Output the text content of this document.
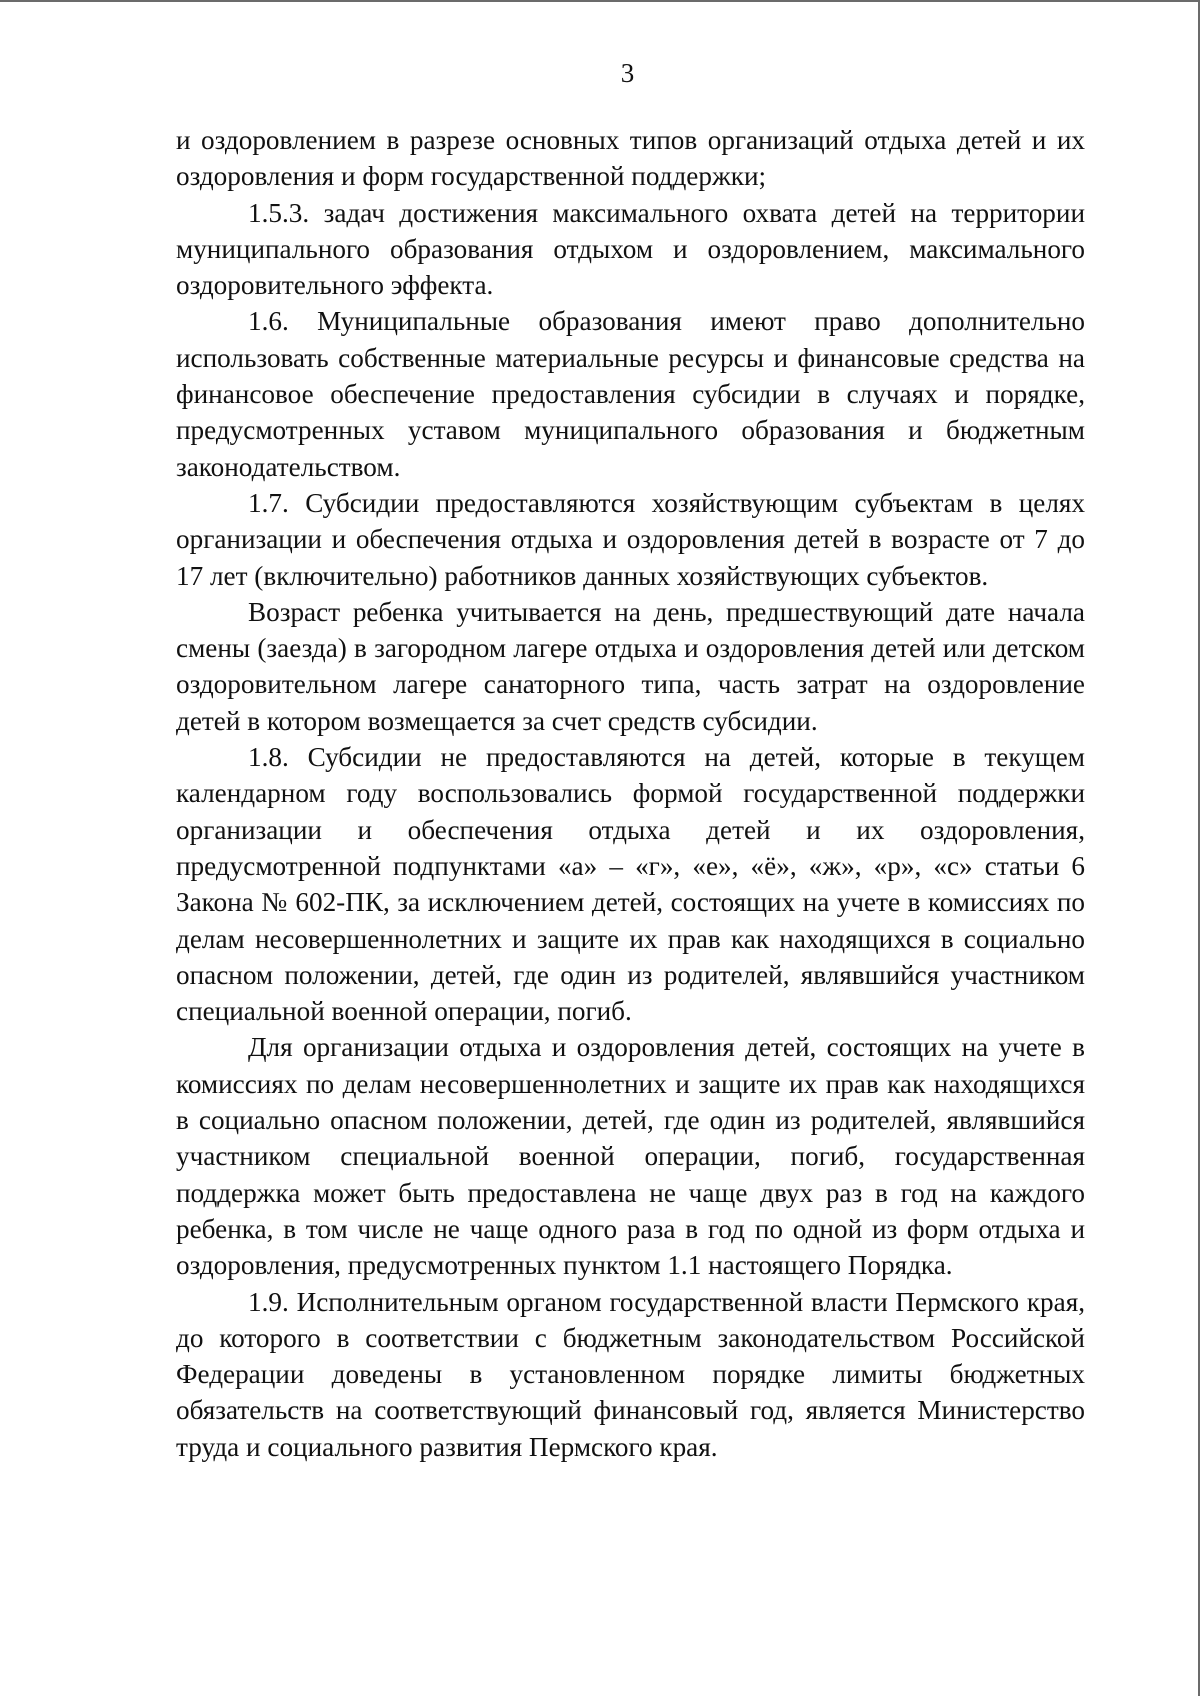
3

и оздоровлением в разрезе основных типов организаций отдыха детей и их оздоровления и форм государственной поддержки;

1.5.3. задач достижения максимального охвата детей на территории муниципального образования отдыхом и оздоровлением, максимального оздоровительного эффекта.

1.6. Муниципальные образования имеют право дополнительно использовать собственные материальные ресурсы и финансовые средства на финансовое обеспечение предоставления субсидии в случаях и порядке, предусмотренных уставом муниципального образования и бюджетным законодательством.

1.7. Субсидии предоставляются хозяйствующим субъектам в целях организации и обеспечения отдыха и оздоровления детей в возрасте от 7 до 17 лет (включительно) работников данных хозяйствующих субъектов.

Возраст ребенка учитывается на день, предшествующий дате начала смены (заезда) в загородном лагере отдыха и оздоровления детей или детском оздоровительном лагере санаторного типа, часть затрат на оздоровление детей в котором возмещается за счет средств субсидии.

1.8. Субсидии не предоставляются на детей, которые в текущем календарном году воспользовались формой государственной поддержки организации и обеспечения отдыха детей и их оздоровления, предусмотренной подпунктами «а» – «г», «е», «ё», «ж», «р», «с» статьи 6 Закона № 602-ПК, за исключением детей, состоящих на учете в комиссиях по делам несовершеннолетних и защите их прав как находящихся в социально опасном положении, детей, где один из родителей, являвшийся участником специальной военной операции, погиб.

Для организации отдыха и оздоровления детей, состоящих на учете в комиссиях по делам несовершеннолетних и защите их прав как находящихся в социально опасном положении, детей, где один из родителей, являвшийся участником специальной военной операции, погиб, государственная поддержка может быть предоставлена не чаще двух раз в год на каждого ребенка, в том числе не чаще одного раза в год по одной из форм отдыха и оздоровления, предусмотренных пунктом 1.1 настоящего Порядка.

1.9. Исполнительным органом государственной власти Пермского края, до которого в соответствии с бюджетным законодательством Российской Федерации доведены в установленном порядке лимиты бюджетных обязательств на соответствующий финансовый год, является Министерство труда и социального развития Пермского края.
